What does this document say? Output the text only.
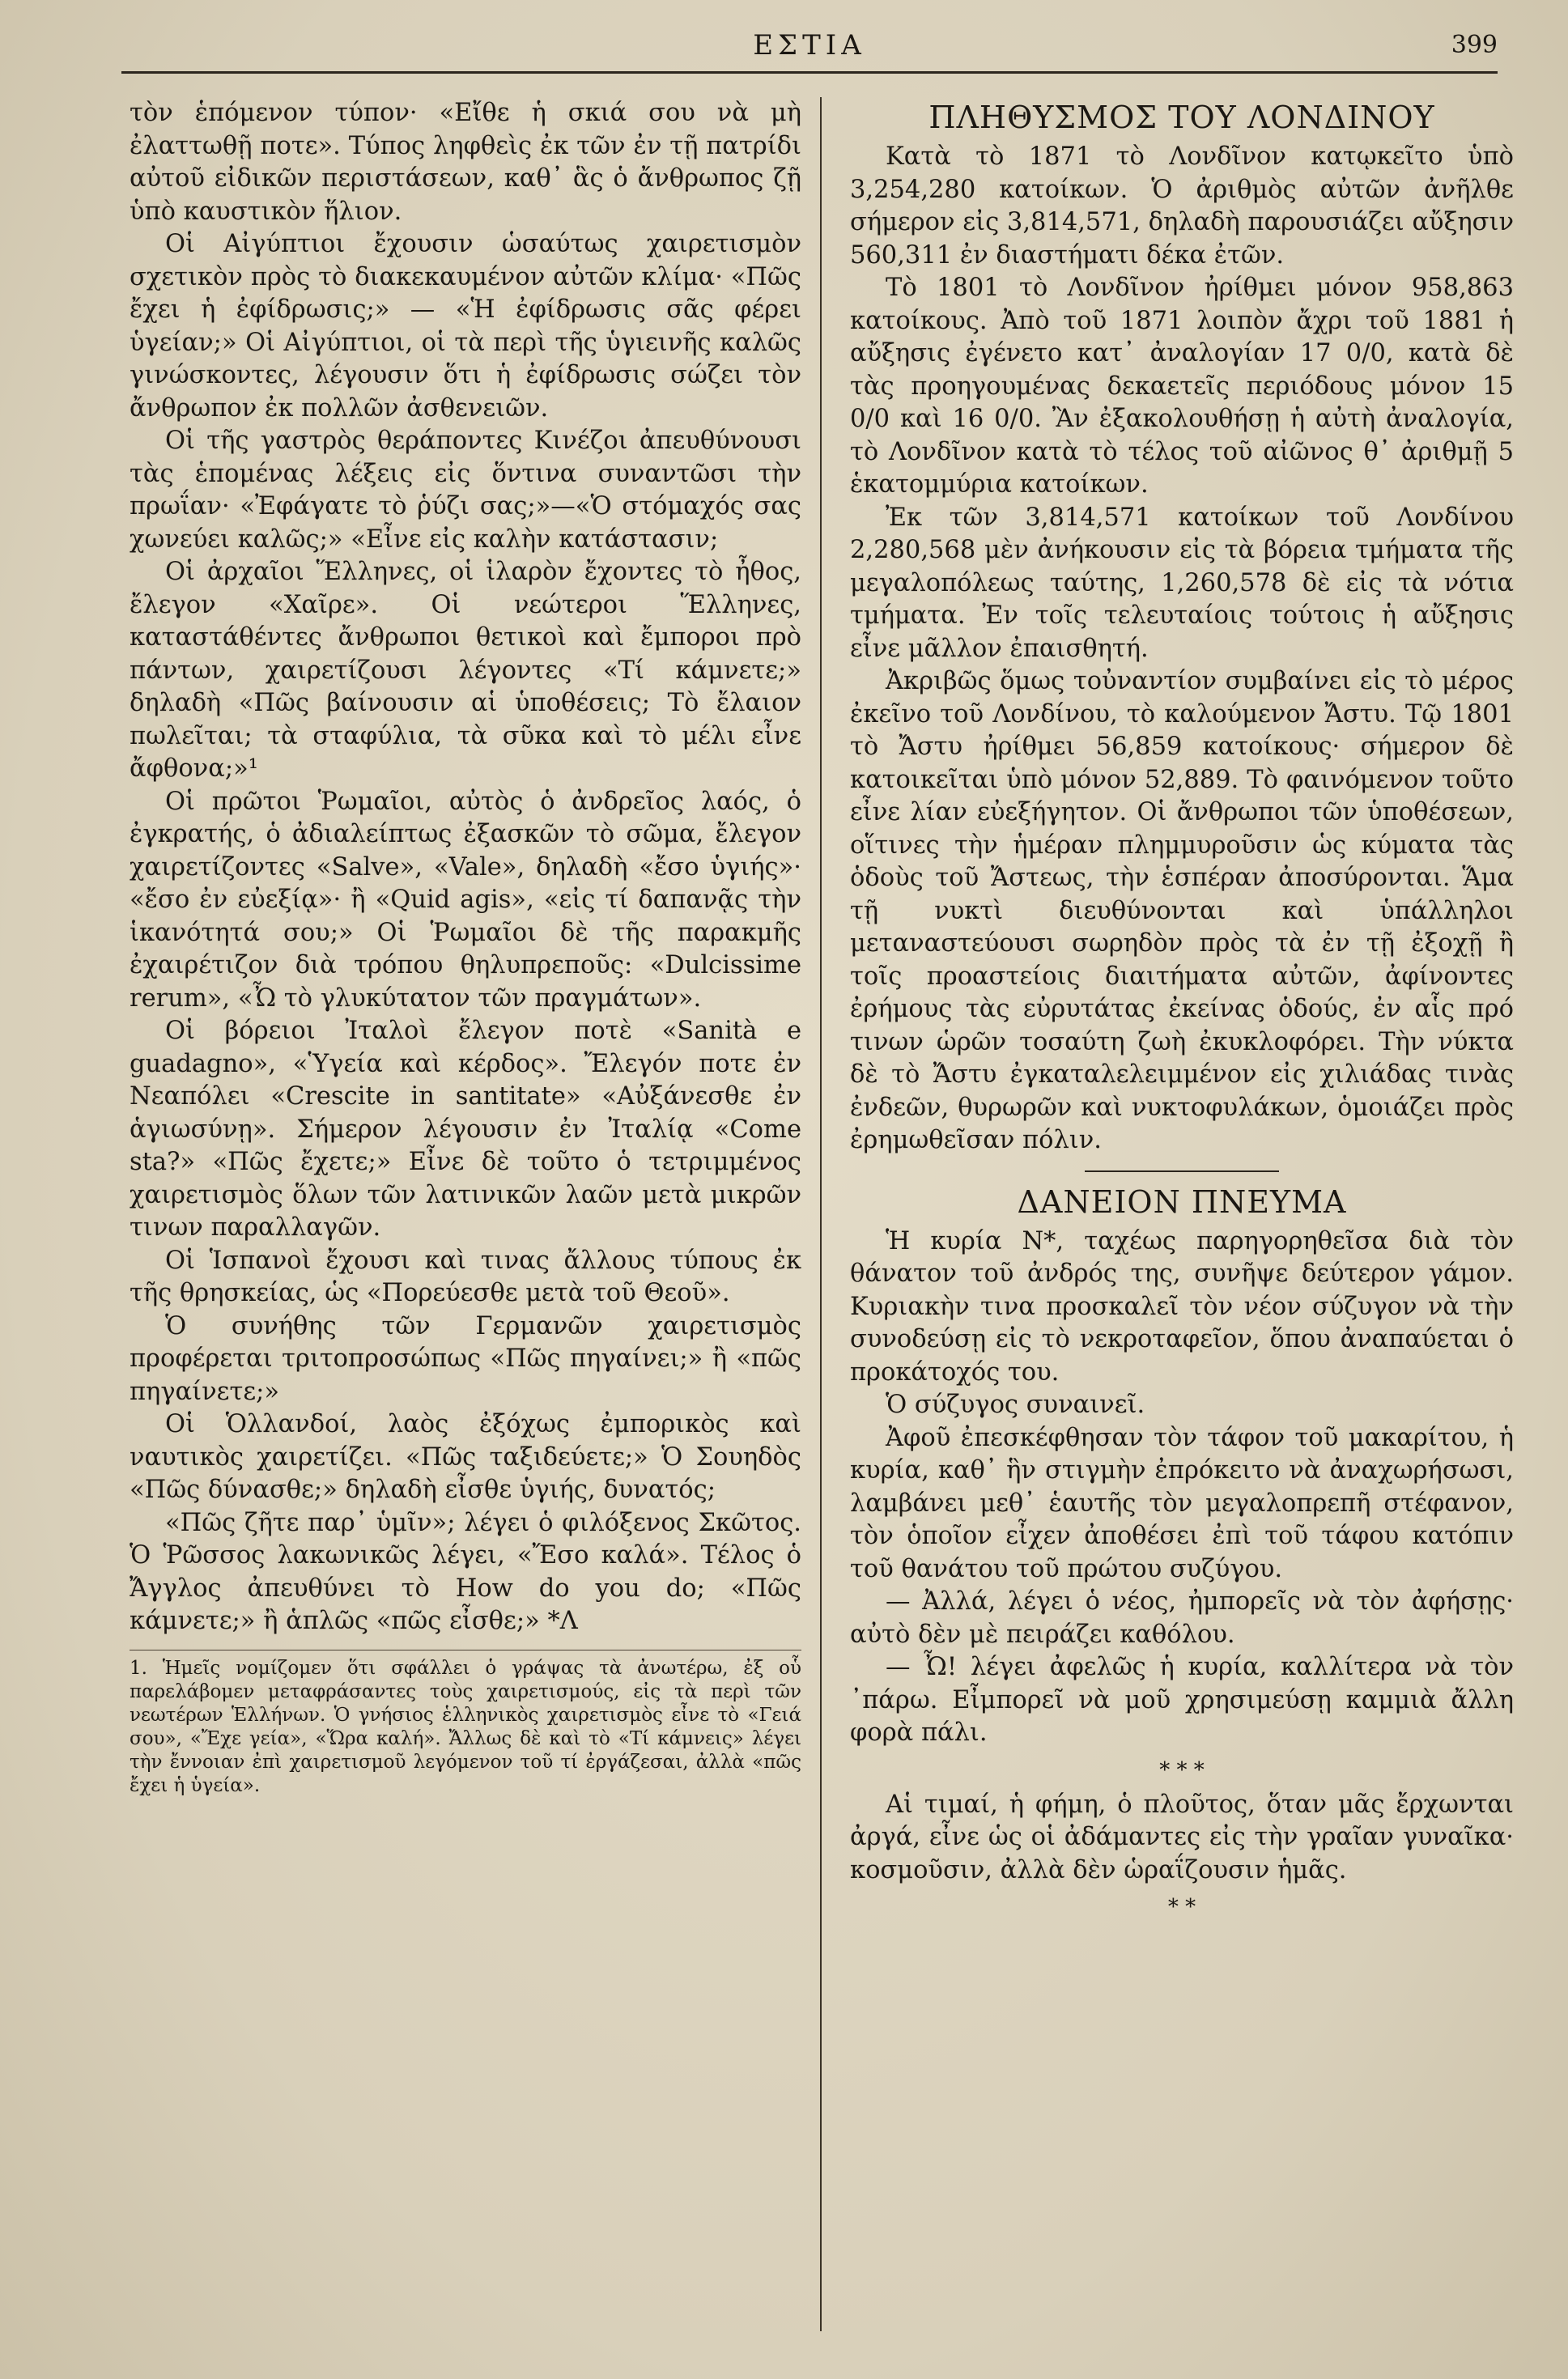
ΕΣΤΙΑ	399

τὸν ἑπόμενον τύπον· «Εἴθε ἡ σκιά σου νὰ μὴ ἐλαττωθῇ ποτε». Τύπος ληφθεὶς ἐκ τῶν ἐν τῇ πατρίδι αὐτοῦ εἰδικῶν περιστάσεων, καθ᾽ ἃς ὁ ἄνθρωπος ζῇ ὑπὸ καυστικὸν ἥλιον.

Οἱ Αἰγύπτιοι ἔχουσιν ὡσαύτως χαιρετισμὸν σχετικὸν πρὸς τὸ διακεκαυμένον αὐτῶν κλίμα· «Πῶς ἔχει ἡ ἐφίδρωσις;» — «Ἡ ἐφίδρωσις σᾶς φέρει ὑγείαν;» Οἱ Αἰγύπτιοι, οἱ τὰ περὶ τῆς ὑγιεινῆς καλῶς γινώσκοντες, λέγουσιν ὅτι ἡ ἐφίδρωσις σώζει τὸν ἄνθρωπον ἐκ πολλῶν ἀσθενειῶν.

Οἱ τῆς γαστρὸς θεράποντες Κινέζοι ἀπευθύνουσι τὰς ἑπομένας λέξεις εἰς ὅντινα συναντῶσι τὴν πρωΐαν· «Ἐφάγατε τὸ ῥύζι σας;»—«Ὁ στόμαχός σας χωνεύει καλῶς;» «Εἶνε εἰς καλὴν κατάστασιν;

Οἱ ἀρχαῖοι Ἕλληνες, οἱ ἱλαρὸν ἔχοντες τὸ ἦθος, ἔλεγον «Χαῖρε». Οἱ νεώτεροι Ἕλληνες, καταστάθέντες ἄνθρωποι θετικοὶ καὶ ἔμποροι πρὸ πάντων, χαιρετίζουσι λέγοντες «Τί κάμνετε;» δηλαδὴ «Πῶς βαίνουσιν αἱ ὑποθέσεις; Τὸ ἔλαιον πωλεῖται; τὰ σταφύλια, τὰ σῦκα καὶ τὸ μέλι εἶνε ἄφθονα;»¹

Οἱ πρῶτοι Ῥωμαῖοι, αὐτὸς ὁ ἀνδρεῖος λαός, ὁ ἐγκρατής, ὁ ἀδιαλείπτως ἐξασκῶν τὸ σῶμα, ἔλεγον χαιρετίζοντες «Salve», «Vale», δηλαδὴ «ἔσο ὑγιής»· «ἔσο ἐν εὐεξίᾳ»· ἢ «Quid agis», «εἰς τί δαπανᾷς τὴν ἱκανότητά σου;» Οἱ Ῥωμαῖοι δὲ τῆς παρακμῆς ἐχαιρέτιζον διὰ τρόπου θηλυπρεποῦς: «Dulcissime rerum», «Ὦ τὸ γλυκύτατον τῶν πραγμάτων».

Οἱ βόρειοι Ἰταλοὶ ἔλεγον ποτὲ «Sanità e guadagno», «Ὑγεία καὶ κέρδος». Ἔλεγόν ποτε ἐν Νεαπόλει «Crescite in santitate» «Αὐξάνεσθε ἐν ἁγιωσύνῃ». Σήμερον λέγουσιν ἐν Ἰταλίᾳ «Come sta?» «Πῶς ἔχετε;» Εἶνε δὲ τοῦτο ὁ τετριμμένος χαιρετισμὸς ὅλων τῶν λατινικῶν λαῶν μετὰ μικρῶν τινων παραλλαγῶν.

Οἱ Ἱσπανοὶ ἔχουσι καὶ τινας ἄλλους τύπους ἐκ τῆς θρησκείας, ὡς «Πορεύεσθε μετὰ τοῦ Θεοῦ».

Ὁ συνήθης τῶν Γερμανῶν χαιρετισμὸς προφέρεται τριτοπροσώπως «Πῶς πηγαίνει;» ἢ «πῶς πηγαίνετε;»

Οἱ Ὁλλανδοί, λαὸς ἐξόχως ἐμπορικὸς καὶ ναυτικὸς χαιρετίζει. «Πῶς ταξιδεύετε;» Ὁ Σουηδὸς «Πῶς δύνασθε;» δηλαδὴ εἶσθε ὑγιής, δυνατός;

«Πῶς ζῆτε παρ᾽ ὑμῖν»; λέγει ὁ φιλόξενος Σκῶτος. Ὁ Ῥῶσσος λακωνικῶς λέγει, «Ἔσο καλά». Τέλος ὁ Ἄγγλος ἀπευθύνει τὸ How do you do; «Πῶς κάμνετε;» ἢ ἁπλῶς «πῶς εἶσθε;» *Λ

1. Ἡμεῖς νομίζομεν ὅτι σφάλλει ὁ γράψας τὰ ἀνωτέρω, ἐξ οὗ παρελάβομεν μεταφράσαντες τοὺς χαιρετισμούς, εἰς τὰ περὶ τῶν νεωτέρων Ἑλλήνων. Ὁ γνήσιος ἑλληνικὸς χαιρετισμὸς εἶνε τὸ «Γειά σου», «Ἔχε γεία», «Ὥρα καλή». Ἄλλως δὲ καὶ τὸ «Τί κάμνεις» λέγει τὴν ἔννοιαν ἐπὶ χαιρετισμοῦ λεγόμενον τοῦ τί ἐργάζεσαι, ἀλλὰ «πῶς ἔχει ἡ ὑγεία».

ΠΛΗΘΥΣΜΟΣ ΤΟΥ ΛΟΝΔΙΝΟΥ

Κατὰ τὸ 1871 τὸ Λονδῖνον κατῳκεῖτο ὑπὸ 3,254,280 κατοίκων. Ὁ ἀριθμὸς αὐτῶν ἀνῆλθε σήμερον εἰς 3,814,571, δηλαδὴ παρουσιάζει αὔξησιν 560,311 ἐν διαστήματι δέκα ἐτῶν.

Τὸ 1801 τὸ Λονδῖνον ἠρίθμει μόνον 958,863 κατοίκους. Ἀπὸ τοῦ 1871 λοιπὸν ἄχρι τοῦ 1881 ἡ αὔξησις ἐγένετο κατ᾽ ἀναλογίαν 17 0/0, κατὰ δὲ τὰς προηγουμένας δεκαετεῖς περιόδους μόνον 15 0/0 καὶ 16 0/0. Ἂν ἐξακολουθήσῃ ἡ αὐτὴ ἀναλογία, τὸ Λονδῖνον κατὰ τὸ τέλος τοῦ αἰῶνος θ᾽ ἀριθμῇ 5 ἑκατομμύρια κατοίκων.

Ἐκ τῶν 3,814,571 κατοίκων τοῦ Λονδίνου 2,280,568 μὲν ἀνήκουσιν εἰς τὰ βόρεια τμήματα τῆς μεγαλοπόλεως ταύτης, 1,260,578 δὲ εἰς τὰ νότια τμήματα. Ἐν τοῖς τελευταίοις τούτοις ἡ αὔξησις εἶνε μᾶλλον ἐπαισθητή.

Ἀκριβῶς ὅμως τοὐναντίον συμβαίνει εἰς τὸ μέρος ἐκεῖνο τοῦ Λονδίνου, τὸ καλούμενον Ἄστυ. Τῷ 1801 τὸ Ἄστυ ἠρίθμει 56,859 κατοίκους· σήμερον δὲ κατοικεῖται ὑπὸ μόνον 52,889. Τὸ φαινόμενον τοῦτο εἶνε λίαν εὐεξήγητον. Οἱ ἄνθρωποι τῶν ὑποθέσεων, οἵτινες τὴν ἡμέραν πλημμυροῦσιν ὡς κύματα τὰς ὁδοὺς τοῦ Ἄστεως, τὴν ἑσπέραν ἀποσύρονται. Ἅμα τῇ νυκτὶ διευθύνονται καὶ ὑπάλληλοι μεταναστεύουσι σωρηδὸν πρὸς τὰ ἐν τῇ ἐξοχῇ ἢ τοῖς προαστείοις διαιτήματα αὐτῶν, ἀφίνοντες ἐρήμους τὰς εὐρυτάτας ἐκείνας ὁδούς, ἐν αἷς πρό τινων ὡρῶν τοσαύτη ζωὴ ἐκυκλοφόρει. Τὴν νύκτα δὲ τὸ Ἄστυ ἐγκαταλελειμμένον εἰς χιλιάδας τινὰς ἐνδεῶν, θυρωρῶν καὶ νυκτοφυλάκων, ὁμοιάζει πρὸς ἐρημωθεῖσαν πόλιν.

ΔΑΝΕΙΟΝ ΠΝΕΥΜΑ

Ἡ κυρία Ν*, ταχέως παρηγορηθεῖσα διὰ τὸν θάνατον τοῦ ἀνδρός της, συνῆψε δεύτερον γάμον. Κυριακὴν τινα προσκαλεῖ τὸν νέον σύζυγον νὰ τὴν συνοδεύσῃ εἰς τὸ νεκροταφεῖον, ὅπου ἀναπαύεται ὁ προκάτοχός του.

Ὁ σύζυγος συναινεῖ.

Ἀφοῦ ἐπεσκέφθησαν τὸν τάφον τοῦ μακαρίτου, ἡ κυρία, καθ᾽ ἣν στιγμὴν ἐπρόκειτο νὰ ἀναχωρήσωσι, λαμβάνει μεθ᾽ ἑαυτῆς τὸν μεγαλοπρεπῆ στέφανον, τὸν ὁποῖον εἶχεν ἀποθέσει ἐπὶ τοῦ τάφου κατόπιν τοῦ θανάτου τοῦ πρώτου συζύγου.

— Ἀλλά, λέγει ὁ νέος, ἠμπορεῖς νὰ τὸν ἀφήσῃς· αὐτὸ δὲν μὲ πειράζει καθόλου.

— Ὦ! λέγει ἀφελῶς ἡ κυρία, καλλίτερα νὰ τὸν ᾽πάρω. Εἶμπορεῖ νὰ μοῦ χρησιμεύσῃ καμμιὰ ἄλλη φορὰ πάλι.

* * *

Αἱ τιμαί, ἡ φήμη, ὁ πλοῦτος, ὅταν μᾶς ἔρχωνται ἀργά, εἶνε ὡς οἱ ἀδάμαντες εἰς τὴν γραῖαν γυναῖκα· κοσμοῦσιν, ἀλλὰ δὲν ὡραΐζουσιν ἡμᾶς.

* *
